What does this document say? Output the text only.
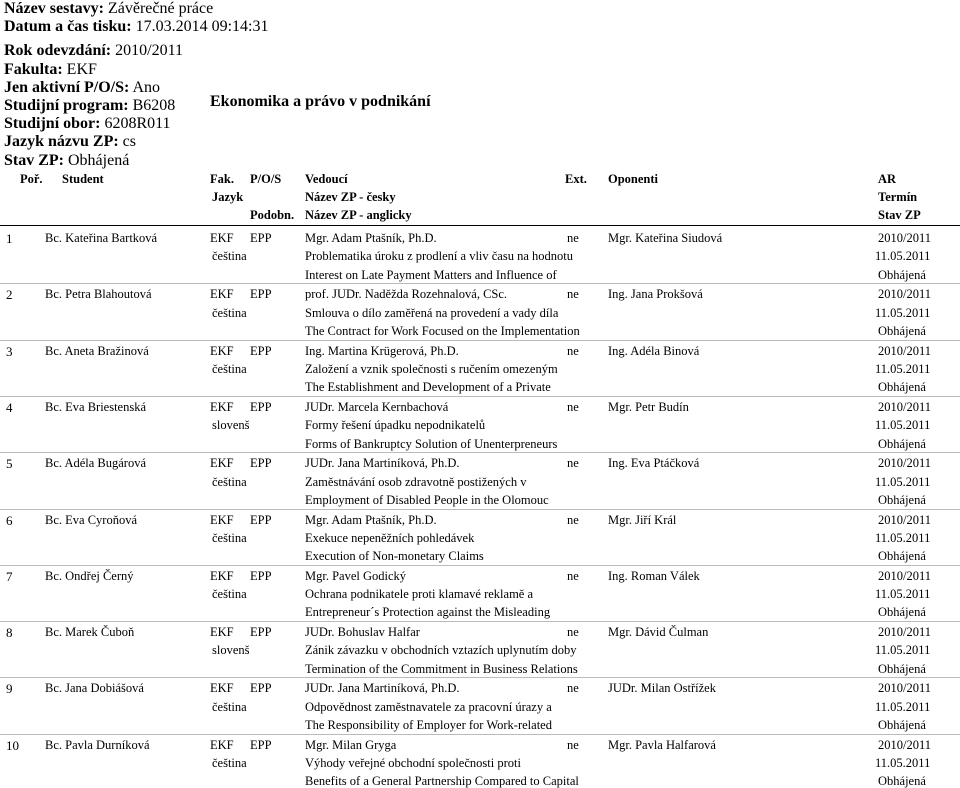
Název sestavy: Závěrečné práce
Datum a čas tisku: 17.03.2014 09:14:31
Rok odevzdání: 2010/2011
Fakulta: EKF
Jen aktivní P/O/S: Ano
Studijní program: B6208
Studijní obor: 6208R011
Jazyk názvu ZP: cs
Stav ZP: Obhájená
Ekonomika a právo v podnikání
Poř. Student	Fak. P/O/S Vedoucí	Ext. Oponenti	AR
Jazyk	Název ZP - česky	Termín
Podobn. Název ZP - anglicky	Stav ZP
1	Bc. Kateřina Bartková	EKF EPP	Mgr. Adam Ptašník, Ph.D.	ne Mgr. Kateřina Siudová	2010/2011
čeština	Problematika úroku z prodlení a vliv času na hodnotu	11.05.2011
Interest on Late Payment Matters and Influence of	Obhájená
2	Bc. Petra Blahoutová	EKF EPP	prof. JUDr. Naděžda Rozehnalová, CSc.	ne Ing. Jana Prokšová	2010/2011
čeština	Smlouva o dílo zaměřená na provedení a vady díla	11.05.2011
The Contract for Work Focused on the Implementation	Obhájená
3	Bc. Aneta Bražinová	EKF EPP	Ing. Martina Krügerová, Ph.D.	ne Ing. Adéla Binová	2010/2011
čeština	Založení a vznik společnosti s ručením omezeným	11.05.2011
The Establishment and Development of a Private	Obhájená
4	Bc. Eva Briestenská	EKF EPP	JUDr. Marcela Kernbachová	ne Mgr. Petr Budín	2010/2011
slovenš	Formy řešení úpadku nepodnikatelů	11.05.2011
Forms of Bankruptcy Solution of Unenterpreneurs	Obhájená
5	Bc. Adéla Bugárová	EKF EPP	JUDr. Jana Martiníková, Ph.D.	ne Ing. Eva Ptáčková	2010/2011
čeština	Zaměstnávání osob zdravotně postižených v	11.05.2011
Employment of Disabled People in the Olomouc	Obhájená
6	Bc. Eva Cyroňová	EKF EPP	Mgr. Adam Ptašník, Ph.D.	ne Mgr. Jiří Král	2010/2011
čeština	Exekuce nepeněžních pohledávek	11.05.2011
Execution of Non-monetary Claims	Obhájená
7	Bc. Ondřej Černý	EKF EPP	Mgr. Pavel Godický	ne Ing. Roman Válek	2010/2011
čeština	Ochrana podnikatele proti klamavé reklamě a	11.05.2011
Entrepreneur´s Protection against the Misleading	Obhájená
8	Bc. Marek Čuboň	EKF EPP	JUDr. Bohuslav Halfar	ne Mgr. Dávid Čulman	2010/2011
slovenš	Zánik závazku v obchodních vztazích uplynutím doby	11.05.2011
Termination of the Commitment in Business Relations	Obhájená
9	Bc. Jana Dobiášová	EKF EPP	JUDr. Jana Martiníková, Ph.D.	ne JUDr. Milan Ostřížek	2010/2011
čeština	Odpovědnost zaměstnavatele za pracovní úrazy a	11.05.2011
The Responsibility of Employer for Work-related	Obhájená
10 Bc. Pavla Durníková	EKF EPP	Mgr. Milan Gryga	ne Mgr. Pavla Halfarová	2010/2011
čeština	Výhody veřejné obchodní společnosti proti	11.05.2011
Benefits of a General Partnership Compared to Capital	Obhájená
